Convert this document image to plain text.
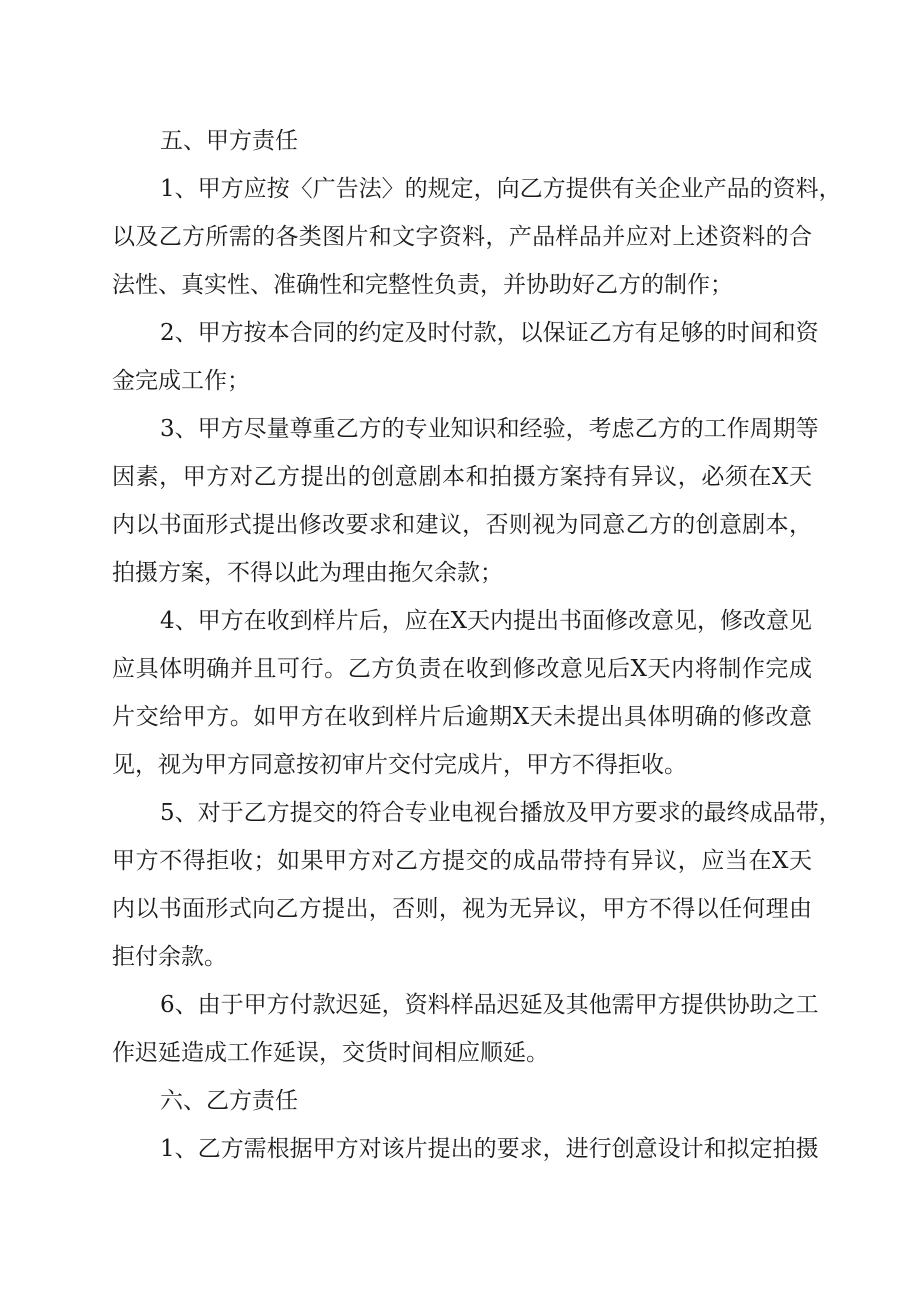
五、甲方责任

1、甲方应按〈广告法〉的规定，向乙方提供有关企业产品的资料，
以及乙方所需的各类图片和文字资料，产品样品并应对上述资料的合
法性、真实性、准确性和完整性负责，并协助好乙方的制作；

2、甲方按本合同的约定及时付款，以保证乙方有足够的时间和资
金完成工作；

3、甲方尽量尊重乙方的专业知识和经验，考虑乙方的工作周期等
因素，甲方对乙方提出的创意剧本和拍摄方案持有异议，必须在X天
内以书面形式提出修改要求和建议，否则视为同意乙方的创意剧本，
拍摄方案，不得以此为理由拖欠余款；

4、甲方在收到样片后，应在X天内提出书面修改意见，修改意见
应具体明确并且可行。乙方负责在收到修改意见后X天内将制作完成
片交给甲方。如甲方在收到样片后逾期X天未提出具体明确的修改意
见，视为甲方同意按初审片交付完成片，甲方不得拒收。

5、对于乙方提交的符合专业电视台播放及甲方要求的最终成品带，
甲方不得拒收；如果甲方对乙方提交的成品带持有异议，应当在X天
内以书面形式向乙方提出，否则，视为无异议，甲方不得以任何理由
拒付余款。

6、由于甲方付款迟延，资料样品迟延及其他需甲方提供协助之工
作迟延造成工作延误，交货时间相应顺延。

六、乙方责任

1、乙方需根据甲方对该片提出的要求，进行创意设计和拟定拍摄
